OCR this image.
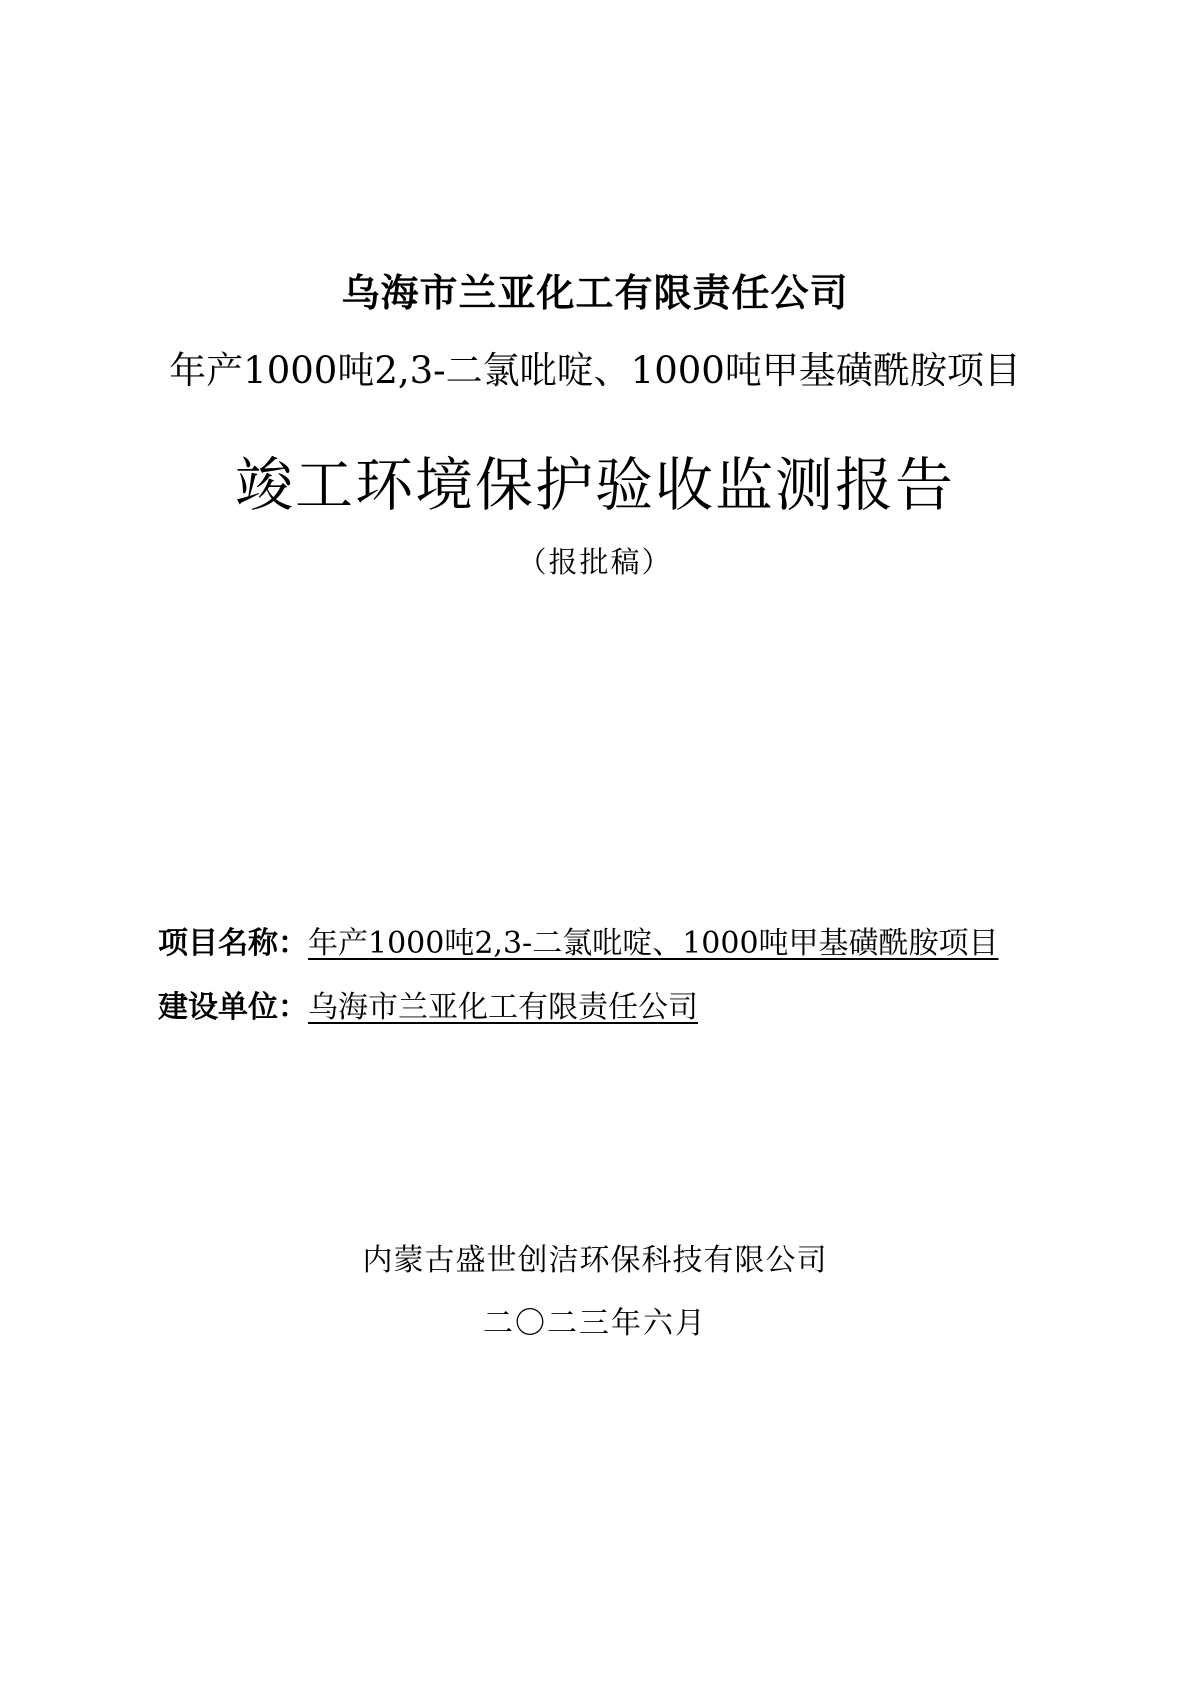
乌海市兰亚化工有限责任公司
年产1000吨2,3-二氯吡啶、1000吨甲基磺酰胺项目
竣工环境保护验收监测报告
（报批稿）
项目名称：年产1000吨2,3-二氯吡啶、1000吨甲基磺酰胺项目
建设单位：乌海市兰亚化工有限责任公司
内蒙古盛世创洁环保科技有限公司
二〇二三年六月
